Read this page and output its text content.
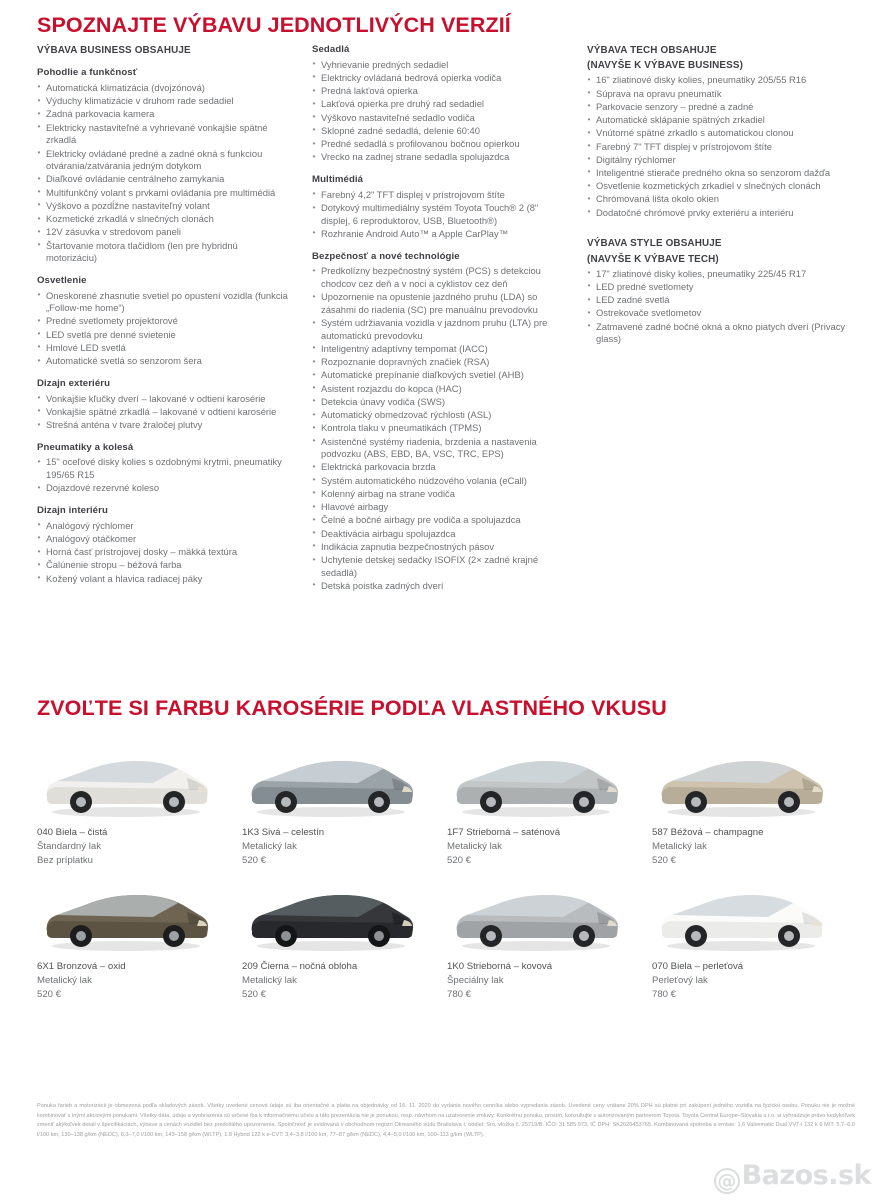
SPOZNAJTE VÝBAVU JEDNOTLIVÝCH VERZIÍ
VÝBAVA BUSINESS OBSAHUJE
Pohodlie a funkčnosť
• Automatická klimatizácia (dvojzónová)
• Výduchy klimatizácie v druhom rade sedadiel
• Zadná parkovacia kamera
• Elektricky nastaviteľné a vyhrievané vonkajšie spätné zrkadlá
• Elektricky ovládané predné a zadné okná s funkciou otvárania/zatvárania jedným dotykom
• Diaľkové ovládanie centrálneho zamykania
• Multifunkčný volant s prvkami ovládania pre multimédiá
• Výškovo a pozdĺžne nastaviteľný volant
• Kozmetické zrkadlá v slnečných clonách
• 12V zásuvka v stredovom paneli
• Štartovanie motora tlačidlom (len pre hybridnú motorizáciu)
Osvetlenie
• Oneskorené zhasnutie svetiel po opustení vozidla (funkcia „Follow-me home“)
• Predné svetlomety projektorové
• LED svetlá pre denné svietenie
• Hmlové LED svetlá
• Automatické svetlá so senzorom šera
Dizajn exteriéru
• Vonkajšie kľučky dverí – lakované v odtieni karosérie
• Vonkajšie spätné zrkadlá – lakované v odtieni karosérie
• Strešná anténa v tvare žraločej plutvy
Pneumatiky a kolesá
• 15" oceľové disky kolies s ozdobnými krytmi, pneumatiky 195/65 R15
• Dojazdové rezervné koleso
Dizajn interiéru
• Analógový rýchlomer
• Analógový otáčkomer
• Horná časť prístrojovej dosky – mäkká textúra
• Čalúnenie stropu – béžová farba
• Kožený volant a hlavica radiacej páky
Sedadlá
• Vyhrievanie predných sedadiel
• Elektricky ovládaná bedrová opierka vodiča
• Predná lakťová opierka
• Lakťová opierka pre druhý rad sedadiel
• Výškovo nastaviteľné sedadlo vodiča
• Sklopné zadné sedadlá, delenie 60:40
• Predné sedadlá s profilovanou bočnou opierkou
• Vrecko na zadnej strane sedadla spolujazdca
Multimédiá
• Farebný 4,2" TFT displej v prístrojovom štíte
• Dotykový multimediálny systém Toyota Touch® 2 (8" displej, 6 reproduktorov, USB, Bluetooth®)
• Rozhranie Android Auto™ a Apple CarPlay™
Bezpečnosť a nové technológie
• Predkolízny bezpečnostný systém (PCS) s detekciou chodcov cez deň a v noci a cyklistov cez deň
• Upozornenie na opustenie jazdného pruhu (LDA) so zásahmi do riadenia (SC) pre manuálnu prevodovku
• Systém udržiavania vozidla v jazdnom pruhu (LTA) pre automatickú prevodovku
• Inteligentný adaptívny tempomat (IACC)
• Rozpoznanie dopravných značiek (RSA)
• Automatické prepínanie diaľkových svetiel (AHB)
• Asistent rozjazdu do kopca (HAC)
• Detekcia únavy vodiča (SWS)
• Automatický obmedzovač rýchlosti (ASL)
• Kontrola tlaku v pneumatikách (TPMS)
• Asistenčné systémy riadenia, brzdenia a nastavenia podvozku (ABS, EBD, BA, VSC, TRC, EPS)
• Elektrická parkovacia brzda
• Systém automatického núdzového volania (eCall)
• Kolenný airbag na strane vodiča
• Hlavové airbagy
• Čelné a bočné airbagy pre vodiča a spolujazdca
• Deaktivácia airbagu spolujazdca
• Indikácia zapnutia bezpečnostných pásov
• Uchytenie detskej sedačky ISOFIX (2× zadné krajné sedadlá)
• Detská poistka zadných dverí
VÝBAVA TECH OBSAHUJE
(NAVYŠE K VÝBAVE BUSINESS)
• 16" zliatinové disky kolies, pneumatiky 205/55 R16
• Súprava na opravu pneumatík
• Parkovacie senzory – predné a zadné
• Automatické sklápanie spätných zrkadiel
• Vnútorné spätné zrkadlo s automatickou clonou
• Farebný 7" TFT displej v prístrojovom štíte
• Digitálny rýchlomer
• Inteligentné stierače predného okna so senzorom dažďa
• Osvetlenie kozmetických zrkadiel v slnečných clonách
• Chrómovaná lišta okolo okien
• Dodatočné chrómové prvky exteriéru a interiéru
VÝBAVA STYLE OBSAHUJE
(NAVYŠE K VÝBAVE TECH)
• 17" zliatinové disky kolies, pneumatiky 225/45 R17
• LED predné svetlomety
• LED zadné svetlá
• Ostrekovače svetlometov
• Zatmavené zadné bočné okná a okno piatych dverí (Privacy glass)
ZVOĽTE SI FARBU KAROSÉRIE PODĽA VLASTNÉHO VKUSU
040 Biela – čistá
Štandardný lak
Bez príplatku
1K3 Sivá – celestín
Metalický lak
520 €
1F7 Strieborná – saténová
Metalický lak
520 €
587 Béžová – champagne
Metalický lak
520 €
6X1 Bronzová – oxid
Metalický lak
520 €
209 Čierna – nočná obloha
Metalický lak
520 €
1K0 Strieborná – kovová
Špeciálny lak
780 €
070 Biela – perleťová
Perleťový lak
780 €

Ponuka farieb a motorizácii je obmezená podľa skladových zásob. Všetky uvedené cenové údaje sú iba orientačné a platia na objednávky od 16. 11. 2020 do vydania nového cenníka alebo vypredania zásob. Uvedené ceny vrátane 20% DPH sú platné pri zakúpení jedného vozidla na fyzickú osobu. Ponuku nie je možné kombinovať s inými akciovými ponukami. Všetky dáta, údaje a vyobrazenia sú určené iba k informačnému účelu a táto prezentácia nie je ponukou, resp. návrhom na uzatvorenie zmluvy. Konkrétnu ponuku, prosím, konzultujte s autorizovaným partnerom Toyota. Toyota Central Europe–Slovakia s.r.o. si vyhradzuje právo kedykoľvek zmeniť akýkoľvek detail v špecifikáciách, výbave a cenách vozidiel bez predošlého upozornenia. Spoločnosť je evidovaná v obchodnom registri Okresného súdu Bratislava I, oddiel: Sro, vložka č. 25719/B. IČO: 31 585 973, IČ DPH: SK2020453765. Kombinovaná spotreba a emisie: 1,6 Valvematic Dual VVT-i 132 k 6 M/T: 5,7–6,0 l/100 km, 130–138 g/km (NEDC), 6,3–7,0 l/100 km, 143–158 g/km (WLTP); 1.8 Hybrid 122 k e-CVT: 3,4–3,8 l/100 km, 77–87 g/km (NEDC), 4,4–5,0 l/100 km, 100–113 g/km (WLTP).

@ Bazos.sk
